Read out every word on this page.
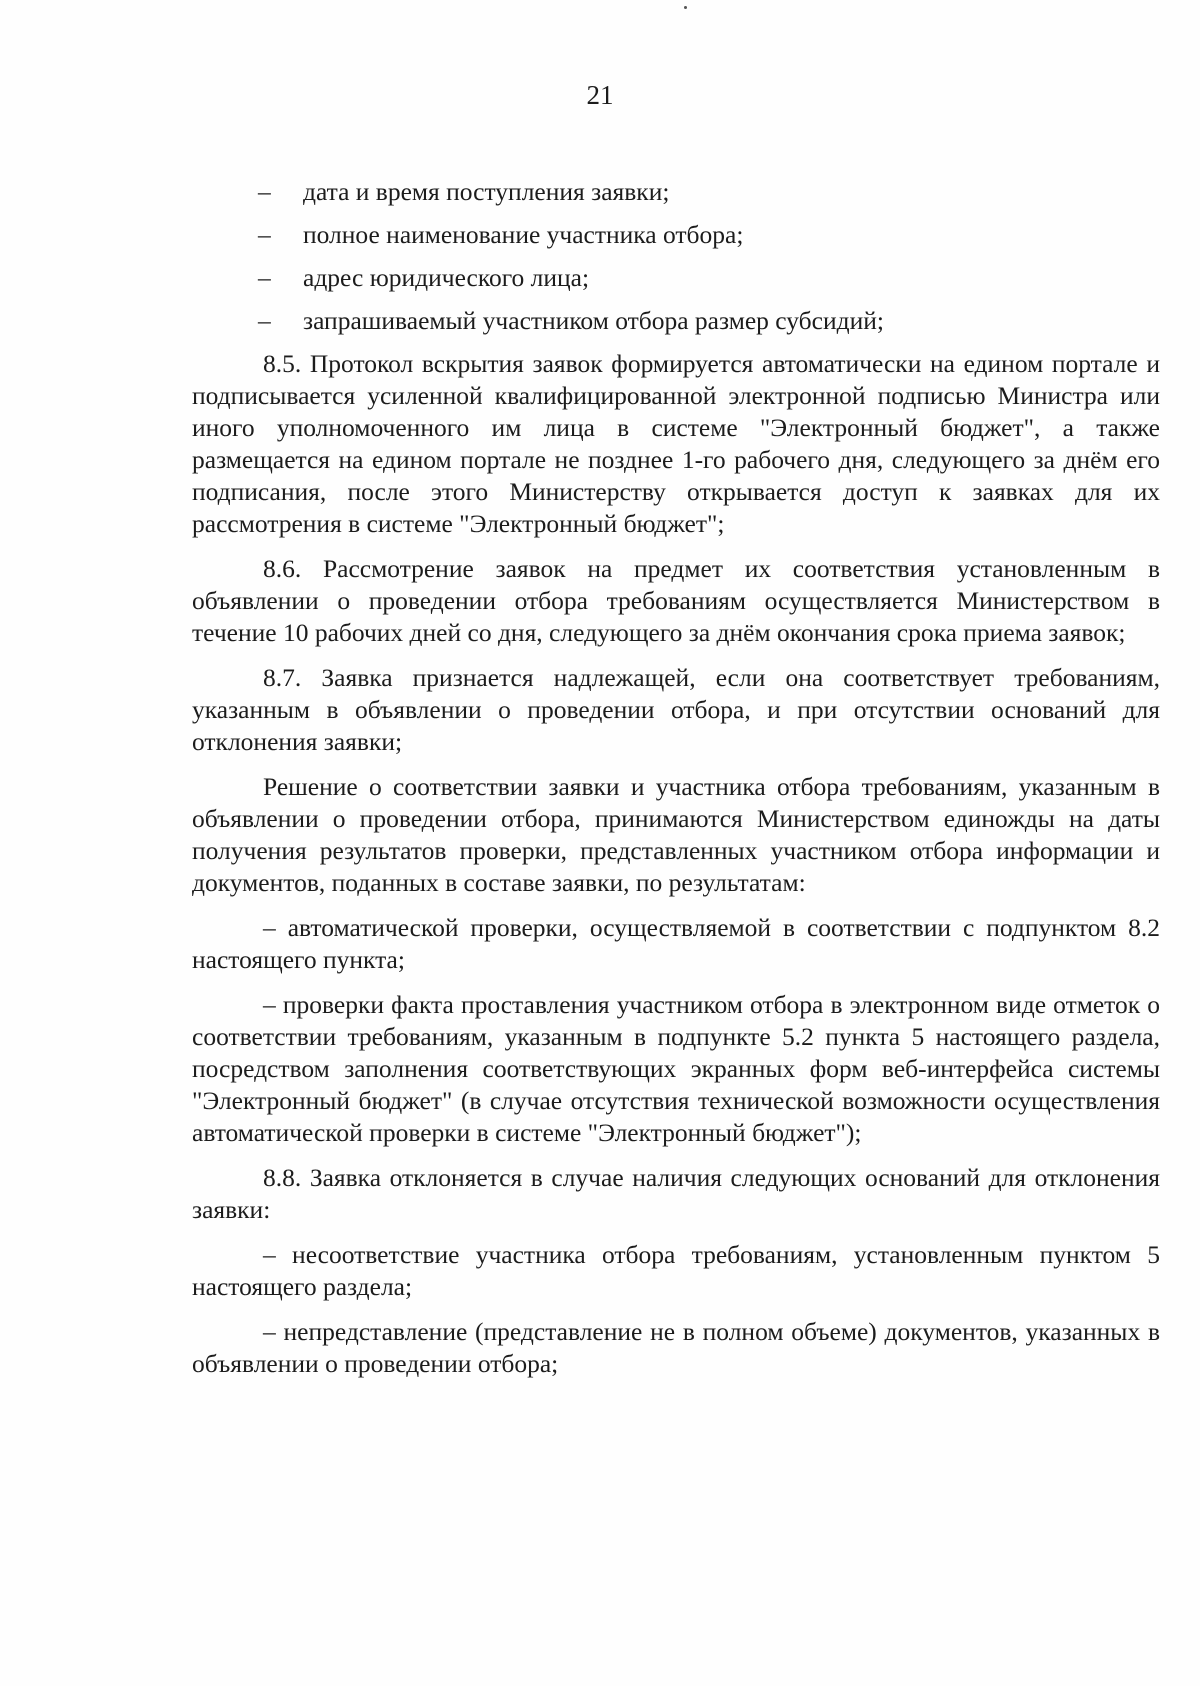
21
– дата и время поступления заявки;
– полное наименование участника отбора;
– адрес юридического лица;
– запрашиваемый участником отбора размер субсидий;

8.5. Протокол вскрытия заявок формируется автоматически на едином портале и подписывается усиленной квалифицированной электронной подписью Министра или иного уполномоченного им лица в системе "Электронный бюджет", а также размещается на едином портале не позднее 1-го рабочего дня, следующего за днём его подписания, после этого Министерству открывается доступ к заявках для их рассмотрения в системе "Электронный бюджет";

8.6. Рассмотрение заявок на предмет их соответствия установленным в объявлении о проведении отбора требованиям осуществляется Министерством в течение 10 рабочих дней со дня, следующего за днём окончания срока приема заявок;

8.7. Заявка признается надлежащей, если она соответствует требованиям, указанным в объявлении о проведении отбора, и при отсутствии оснований для отклонения заявки;

Решение о соответствии заявки и участника отбора требованиям, указанным в объявлении о проведении отбора, принимаются Министерством единожды на даты получения результатов проверки, представленных участником отбора информации и документов, поданных в составе заявки, по результатам:

– автоматической проверки, осуществляемой в соответствии с подпунктом 8.2 настоящего пункта;

– проверки факта проставления участником отбора в электронном виде отметок о соответствии требованиям, указанным в подпункте 5.2 пункта 5 настоящего раздела, посредством заполнения соответствующих экранных форм веб-интерфейса системы "Электронный бюджет" (в случае отсутствия технической возможности осуществления автоматической проверки в системе "Электронный бюджет");

8.8. Заявка отклоняется в случае наличия следующих оснований для отклонения заявки:

– несоответствие участника отбора требованиям, установленным пунктом 5 настоящего раздела;

– непредставление (представление не в полном объеме) документов, указанных в объявлении о проведении отбора;
